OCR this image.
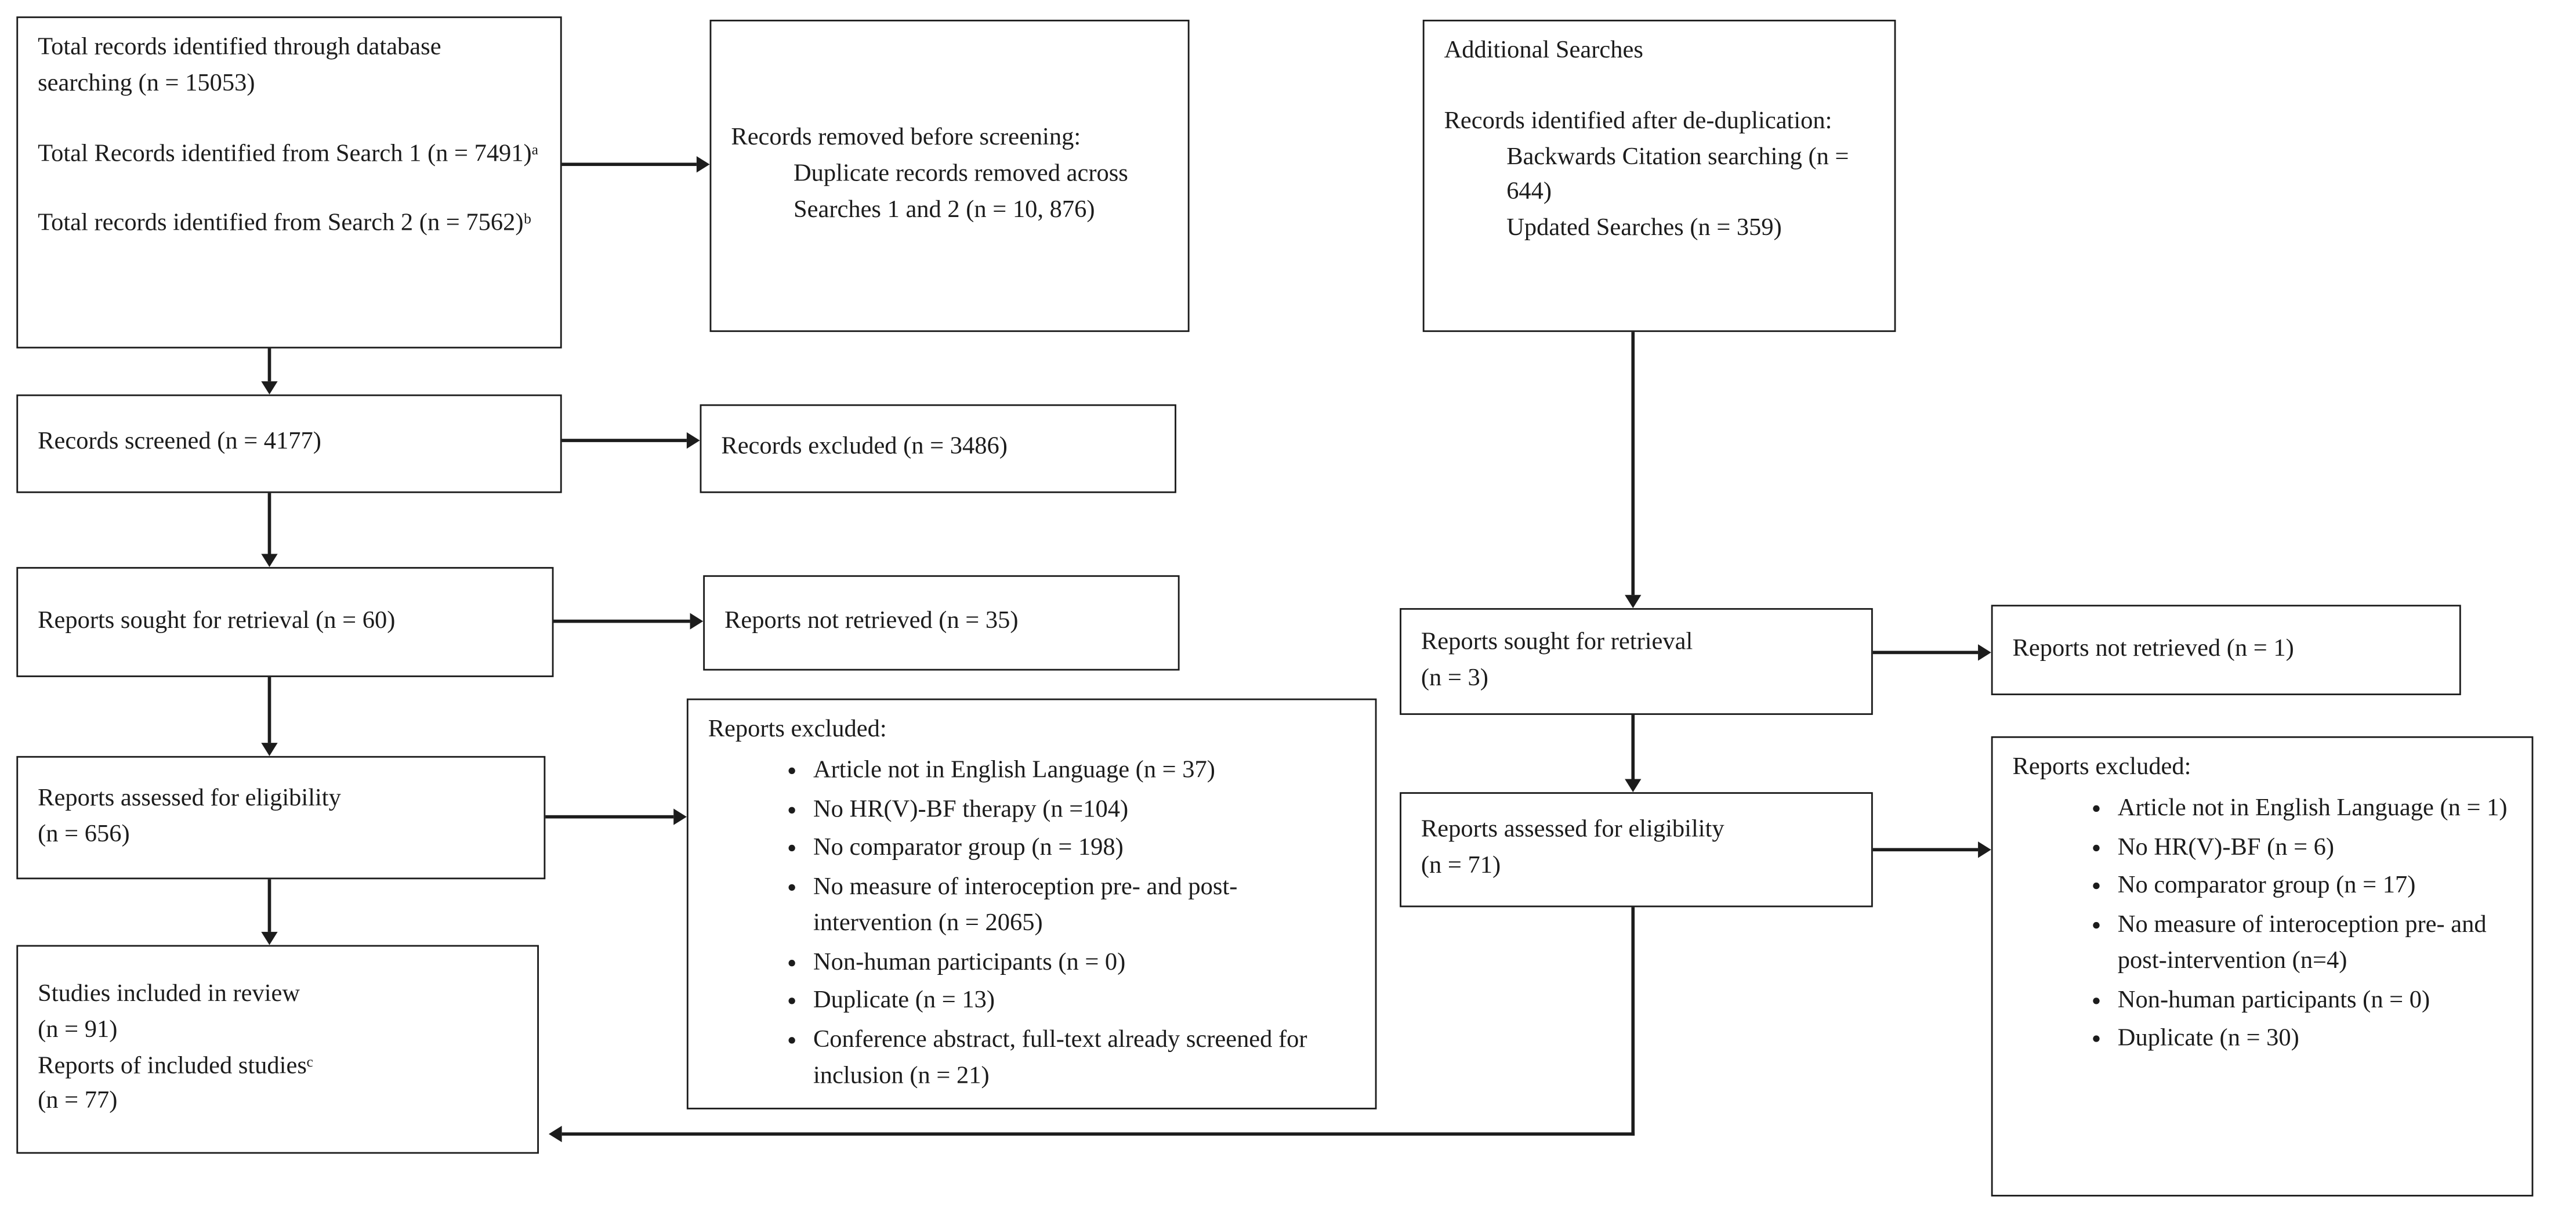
Total records identified through database searching (n = 15053)

Total Records identified from Search 1 (n = 7491)ᵃ

Total records identified from Search 2 (n = 7562)ᵇ

Records screened (n = 4177)

Reports sought for retrieval (n = 60)

Reports assessed for eligibility

(n = 656)

Studies included in review

(n = 91)

Reports of included studiesᶜ

(n = 77)

Records removed before screening:

Duplicate records removed across Searches 1 and 2 (n = 10, 876)

Records excluded (n = 3486)

Reports not retrieved (n = 35)

Reports excluded:

• Article not in English Language (n = 37)
• No HR(V)-BF therapy (n =104)
• No comparator group (n = 198)
• No measure of interoception pre- and post-intervention (n = 2065)
• Non-human participants (n = 0)
• Duplicate (n = 13)
• Conference abstract, full-text already screened for inclusion (n = 21)

Additional Searches

Records identified after de-duplication:

Backwards Citation searching (n = 644)

Updated Searches (n = 359)

Reports sought for retrieval

(n = 3)

Reports not retrieved (n = 1)

Reports assessed for eligibility

(n = 71)

Reports excluded:

• Article not in English Language (n = 1)
• No HR(V)-BF (n = 6)
• No comparator group (n = 17)
• No measure of interoception pre- and post-intervention (n=4)
• Non-human participants (n = 0)
• Duplicate (n = 30)
